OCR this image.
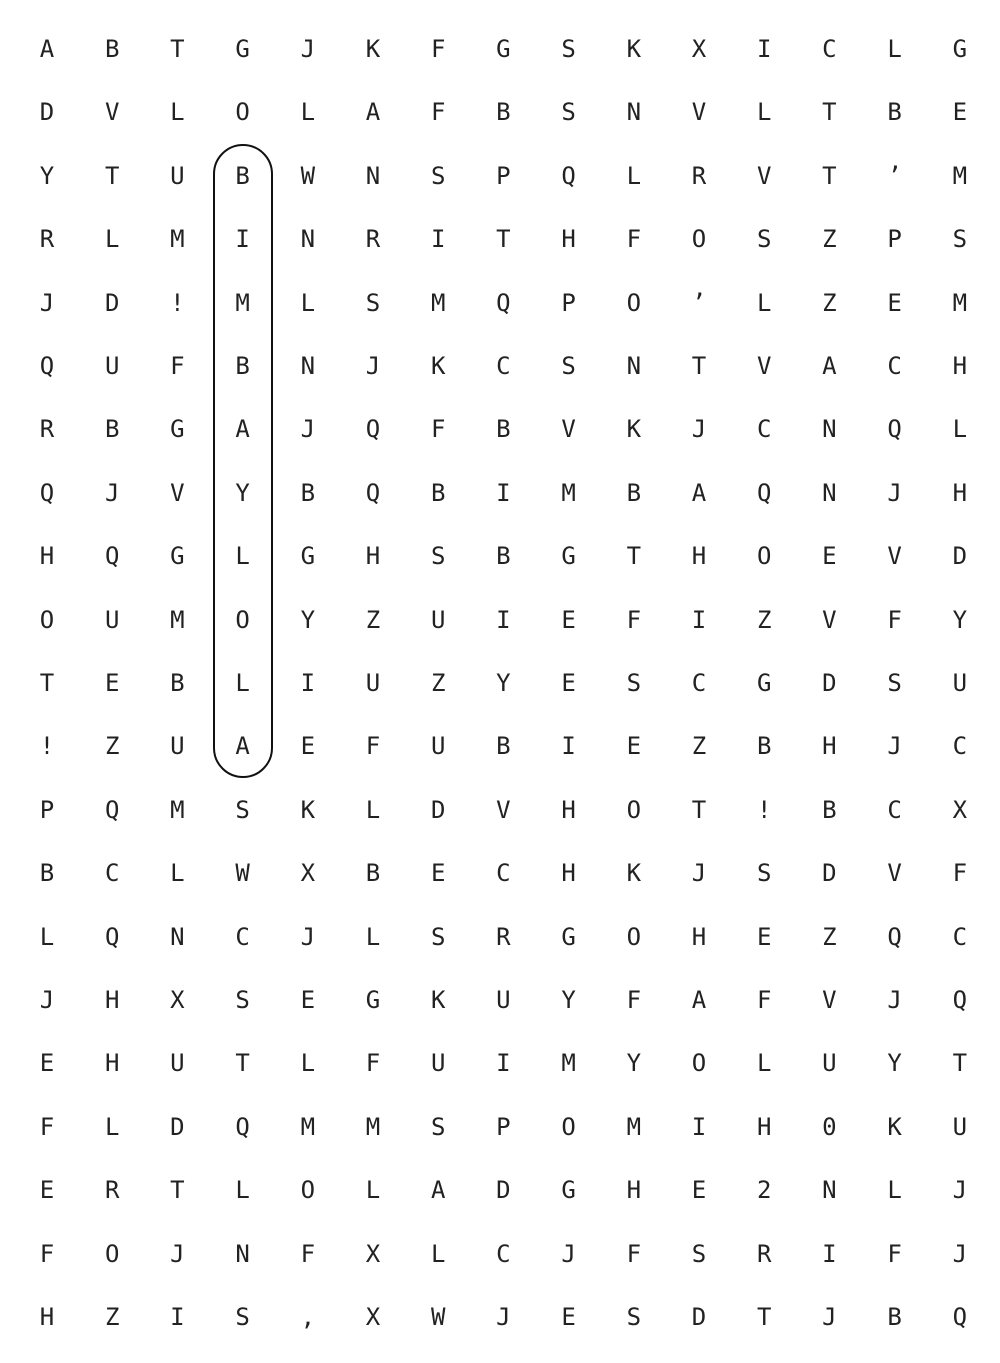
A	B	T	G	J	K	F	G	S	K	X	I	C	L	G
D	V	L	O	L	A	F	B	S	N	V	L	T	B	E
Y	T	U	B	W	N	S	P	Q	L	R	V	T	’	M
R	L	M	I	N	R	I	T	H	F	O	S	Z	P	S
J	D	!	M	L	S	M	Q	P	O	’	L	Z	E	M
Q	U	F	B	N	J	K	C	S	N	T	V	A	C	H
R	B	G	A	J	Q	F	B	V	K	J	C	N	Q	L
Q	J	V	Y	B	Q	B	I	M	B	A	Q	N	J	H
H	Q	G	L	G	H	S	B	G	T	H	O	E	V	D
O	U	M	O	Y	Z	U	I	E	F	I	Z	V	F	Y
T	E	B	L	I	U	Z	Y	E	S	C	G	D	S	U
!	Z	U	A	E	F	U	B	I	E	Z	B	H	J	C
P	Q	M	S	K	L	D	V	H	O	T	!	B	C	X
B	C	L	W	X	B	E	C	H	K	J	S	D	V	F
L	Q	N	C	J	L	S	R	G	O	H	E	Z	Q	C
J	H	X	S	E	G	K	U	Y	F	A	F	V	J	Q
E	H	U	T	L	F	U	I	M	Y	O	L	U	Y	T
F	L	D	Q	M	M	S	P	O	M	I	H	0	K	U
E	R	T	L	O	L	A	D	G	H	E	2	N	L	J
F	O	J	N	F	X	L	C	J	F	S	R	I	F	J
H	Z	I	S	,	X	W	J	E	S	D	T	J	B	Q
